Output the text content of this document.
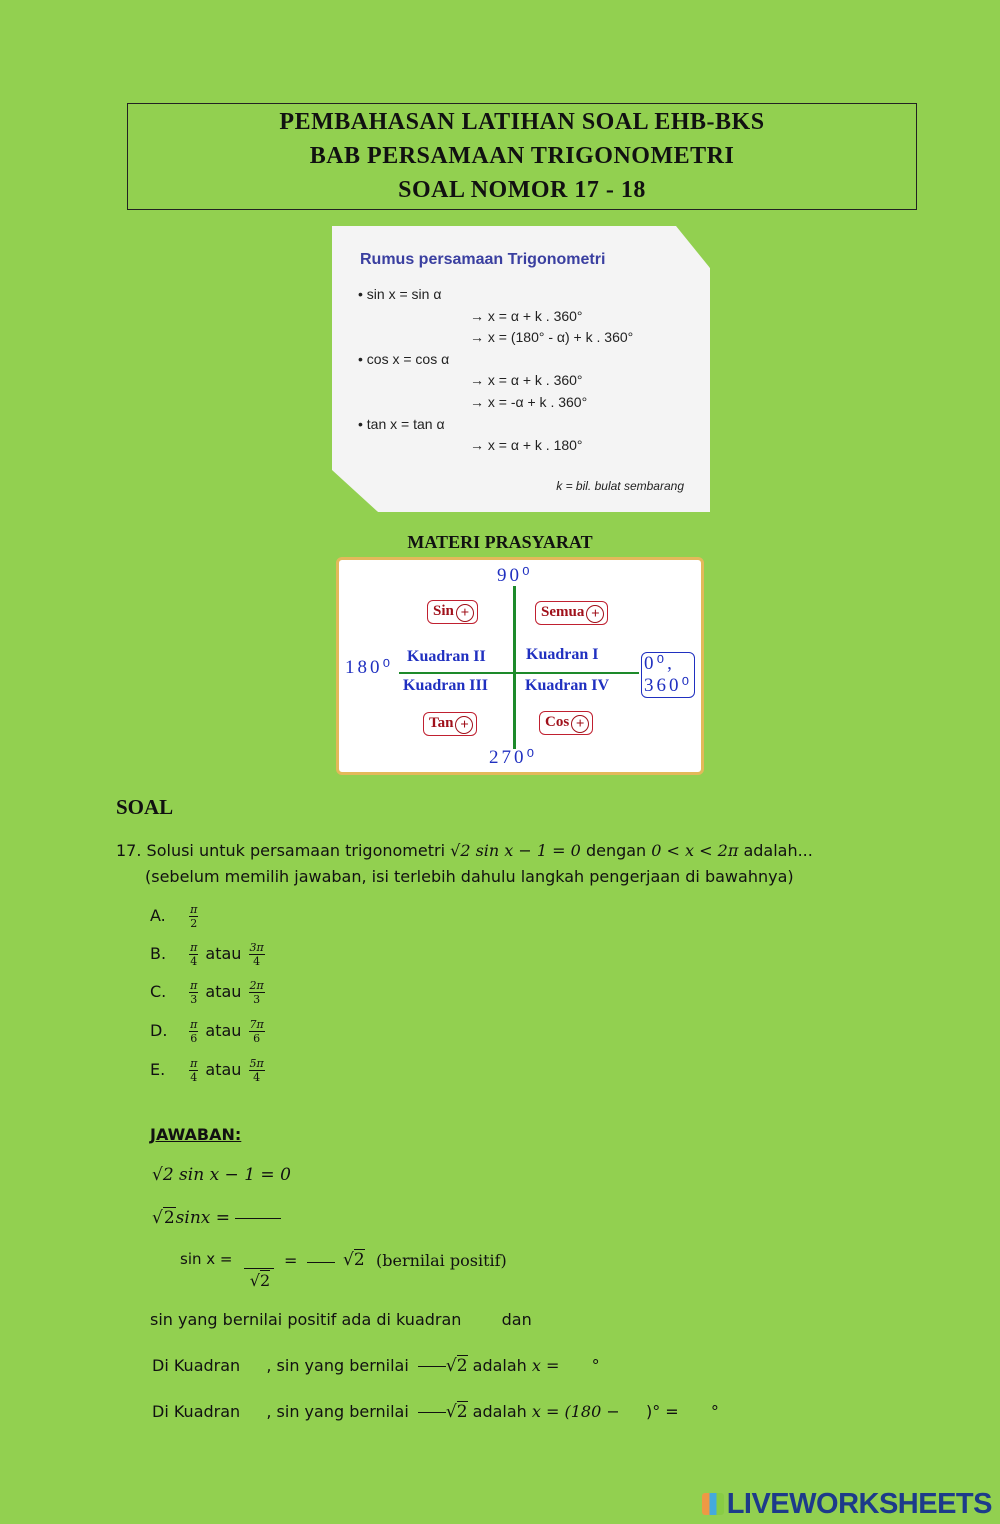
PEMBAHASAN LATIHAN SOAL EHB-BKS
BAB PERSAMAAN TRIGONOMETRI
SOAL NOMOR 17 - 18
Rumus persamaan Trigonometri
• sin x = sin α
→ x = α + k . 360°
→ x = (180° - α) + k . 360°
• cos x = cos α
→ x = α + k . 360°
→ x = -α + k . 360°
• tan x = tan α
→ x = α + k . 180°
k = bil. bulat sembarang
MATERI PRASYARAT
90⁰
180⁰	0⁰,
360⁰
270⁰
Kuadran II	Kuadran I
Kuadran III Kuadran IV
Sin +	Semua +
Tan +	Cos +
SOAL
17. Solusi untuk persamaan trigonometri √2 sin x − 1 = 0 dengan 0 < x < 2π adalah...
(sebelum memilih jawaban, isi terlebih dahulu langkah pengerjaan di bawahnya)
A. $\frac{\pi}{2}$
B. $\frac{\pi}{4}$ atau $\frac{3\pi}{4}$
C. $\frac{\pi}{3}$ atau $\frac{2\pi}{3}$
D. $\frac{\pi}{6}$ atau $\frac{7\pi}{6}$
E. $\frac{\pi}{4}$ atau $\frac{5\pi}{4}$
JAWABAN:
√2 sin x − 1 = 0
√2sinx =
sin x =
√2
=	√2 (bernilai positif)
sin yang bernilai positif ada di kuadran	dan
Di Kuadran , sin yang bernilai √2 adalah x = °
Di Kuadran , sin yang bernilai √2 adalah x = (180 − )° = °
LIVEWORKSHEETS
